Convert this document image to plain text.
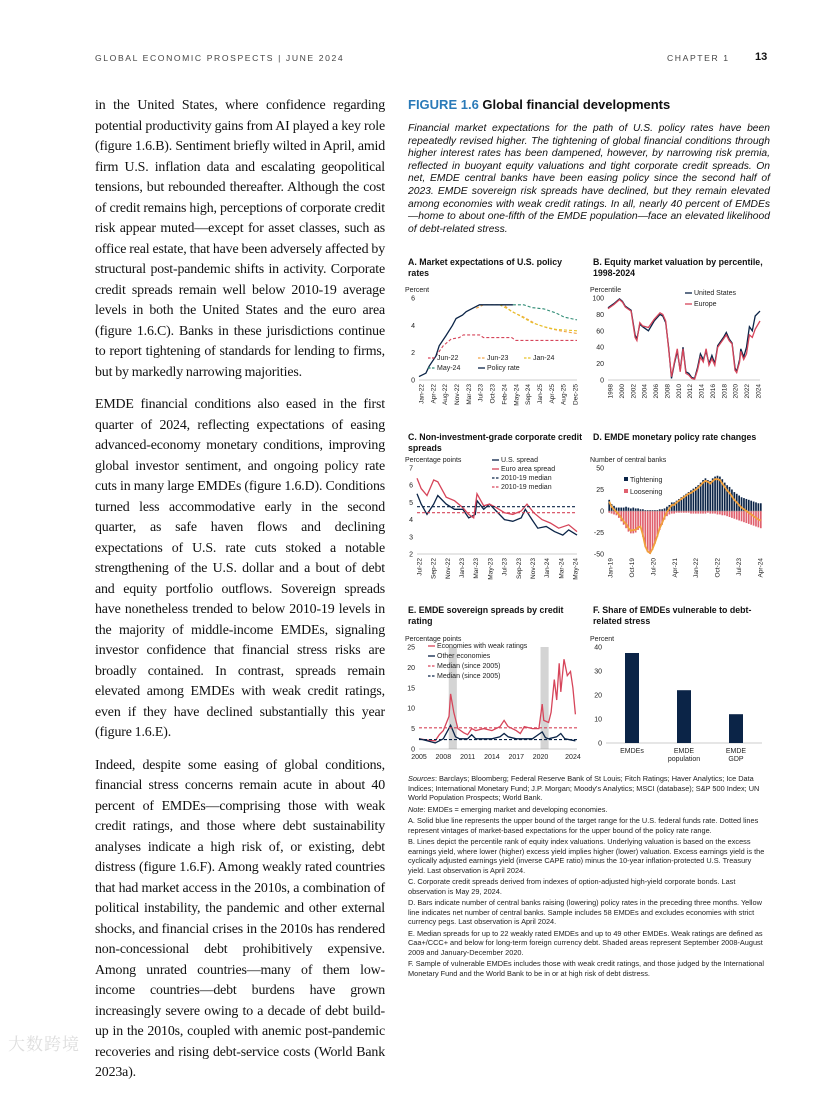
GLOBAL ECONOMIC PROSPECTS | JUNE 2024	CHAPTER 1 13

in the United States, where confidence regarding potential productivity gains from AI played a key role (figure 1.6.B). Sentiment briefly wilted in April, amid firm U.S. inflation data and escalating geopolitical tensions, but rebounded thereafter. Although the cost of credit remains high, perceptions of corporate credit risk appear muted—except for asset classes, such as office real estate, that have been adversely affected by structural post-pandemic shifts in activity. Corporate credit spreads remain well below 2010-19 average levels in both the United States and the euro area (figure 1.6.C). Banks in these jurisdictions continue to report tightening of standards for lending to firms, but by markedly narrowing majorities.

EMDE financial conditions also eased in the first quarter of 2024, reflecting expectations of easing advanced-economy monetary conditions, improving global investor sentiment, and ongoing policy rate cuts in many large EMDEs (figure 1.6.D). Conditions turned less accommodative early in the second quarter, as safe haven flows and declining expectations of U.S. rate cuts stoked a notable strengthening of the U.S. dollar and a bout of debt and equity portfolio outflows. Sovereign spreads have nonetheless trended to below 2010-19 levels in the majority of middle-income EMDEs, signaling investor confidence that financial stress risks are broadly contained. In contrast, spreads remain elevated among EMDEs with weak credit ratings, even if they have declined substantially this year (figure 1.6.E).

Indeed, despite some easing of global conditions, financial stress concerns remain acute in about 40 percent of EMDEs—comprising those with weak credit ratings, and those where debt sustainability analyses indicate a high risk of, or existing, debt distress (figure 1.6.F). Among weakly rated countries that had market access in the 2010s, a combination of political instability, the pandemic and other external shocks, and financial crises in the 2010s has rendered non-concessional debt prohibitively expensive. Among unrated countries—many of them low-income countries—debt burdens have grown increasingly severe owing to a decade of debt build-up in the 2010s, coupled with anemic post-pandemic recoveries and rising debt-service costs (World Bank 2023a).

FIGURE 1.6 Global financial developments
Financial market expectations for the path of U.S. policy rates have been repeatedly revised higher. The tightening of global financial conditions through higher interest rates has been dampened, however, by narrowing risk premia, reflected in buoyant equity valuations and tight corporate credit spreads. On net, EMDE central banks have been easing policy since the second half of 2023. EMDE sovereign risk spreads have declined, but they remain elevated among economies with weak credit ratings. In all, nearly 40 percent of EMDEs—home to about one-fifth of the EMDE population—face an elevated likelihood of debt-related stress.
A. Market expectations of U.S. policy rates
B. Equity market valuation by percentile, 1998-2024
C. Non-investment-grade corporate credit spreads
D. EMDE monetary policy rate changes
E. EMDE sovereign spreads by credit rating
F. Share of EMDEs vulnerable to debt-related stress
Percent
0
2
4
6
Jun-22	Jun-23	Jan-24
May-24	Policy rate
Jan-22 Apr-22 Aug-22 Nov-22 Mar-23 Jul-23 Oct-23 Feb-24 May-24 Sep-24 Jan-25 Apr-25 Aug-25 Dec-25
Percentile
0
20
40
60
80
100
United States
Europe
1998 2000 2002 2004 2006 2008 2010 2012 2014 2016 2018 2020 2022 2024
Percentage points
2
3
4
5
6
7
U.S. spread
Euro area spread
2010-19 median
2010-19 median
Jul-22 Sep-22 Nov-22 Jan-23 Mar-23 May-23 Jul-23 Sep-23 Nov-23 Jan-24 Mar-24 May-24
Number of central banks
-50
-25
0
25
50
Tightening
Loosening
Jan-19 Oct-19 Jul-20 Apr-21 Jan-22 Oct-22 Jul-23 Apr-24
Percentage points
0
5
10
15
20
25	Economies with weak ratings
Other economies
Median (since 2005)
Median (since 2005)
2005 2008 2011 2014 2017 2020 2024
Percent
0
10
20
30
40
EMDEs	EMDE
population
EMDE
GDP

Sources: Barclays; Bloomberg; Federal Reserve Bank of St Louis; Fitch Ratings; Haver Analytics; Ice Data Indices; International Monetary Fund; J.P. Morgan; Moody's Analytics; MSCI (database); S&P 500 Index; UN World Population Prospects; World Bank.

Note: EMDEs = emerging market and developing economies.

A. Solid blue line represents the upper bound of the target range for the U.S. federal funds rate. Dotted lines represent vintages of market-based expectations for the upper bound of the policy rate range.

B. Lines depict the percentile rank of equity index valuations. Underlying valuation is based on the excess earnings yield, where lower (higher) excess yield implies higher (lower) valuation. Excess earnings yield is the cyclically adjusted earnings yield (inverse CAPE ratio) minus the 10-year inflation-protected U.S. Treasury yield. Last observation is April 2024.

C. Corporate credit spreads derived from indexes of option-adjusted high-yield corporate bonds. Last observation is May 29, 2024.

D. Bars indicate number of central banks raising (lowering) policy rates in the preceding three months. Yellow line indicates net number of central banks. Sample includes 58 EMDEs and excludes economies with strict currency pegs. Last observation is April 2024.

E. Median spreads for up to 22 weakly rated EMDEs and up to 49 other EMDEs. Weak ratings are defined as Caa+/CCC+ and below for long-term foreign currency debt. Shaded areas represent September 2008-August 2009 and January-December 2020.

F. Sample of vulnerable EMDEs includes those with weak credit ratings, and those judged by the International Monetary Fund and the World Bank to be in or at high risk of debt distress.

大数跨境
